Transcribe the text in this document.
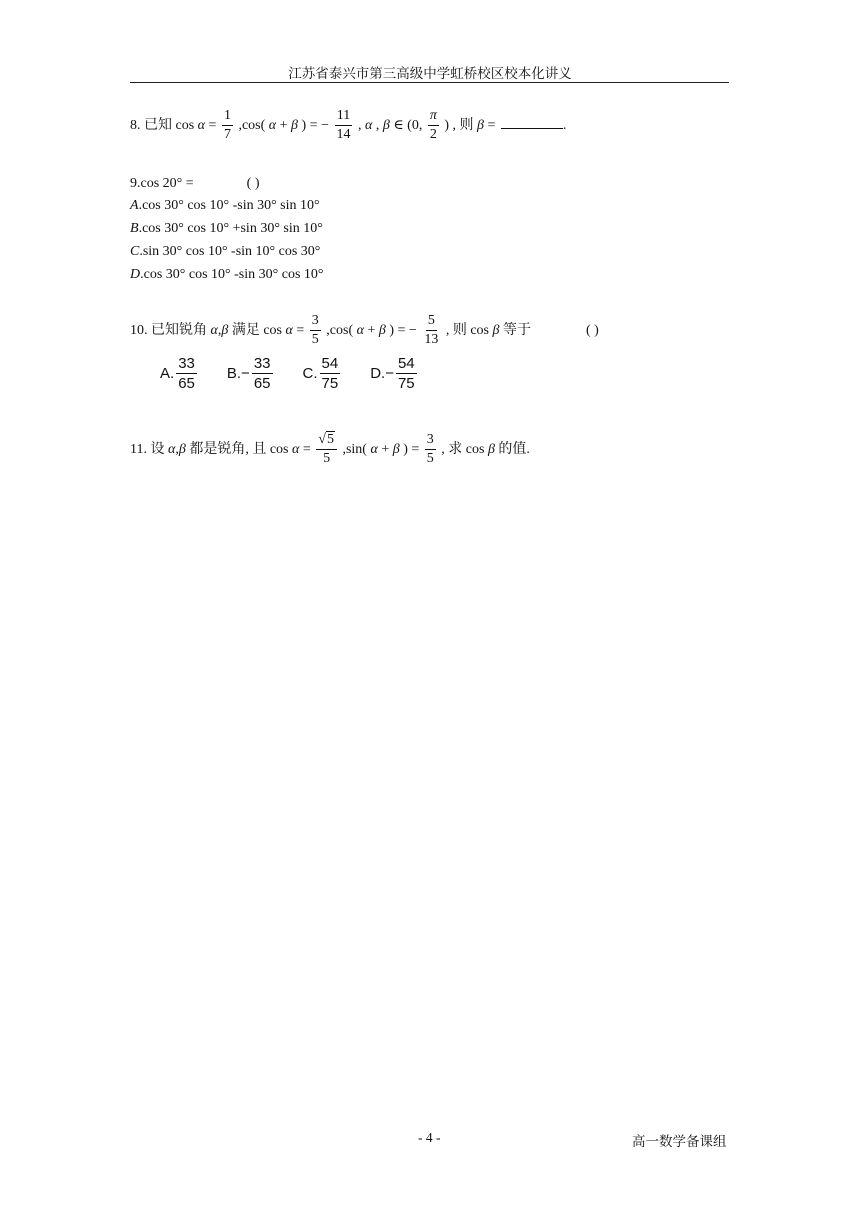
江苏省泰兴市第三高级中学虹桥校区校本化讲义
8. 已知 $\cos \alpha = \frac{1}{7} ,\cos$( α + β ) = − $\frac{11}{14}$ , α , β ∈ (0, $\frac{\pi}{2}$ ) , 则 β =	.
9.cos 20° =	( )
A.cos 30° cos 10° -sin 30° sin 10°
B.cos 30° cos 10° +sin 30° sin 10°
C.sin 30° cos 10° -sin 10° cos 30°
D.cos 30° cos 10° -sin 30° cos 10°
10. 已知锐角 α,β 满足 $\cos \alpha = \frac{3}{5} ,\cos$( α + β ) = − $\frac{5}{13}$ , 则 cos β 等于	( )
A. $\frac{33}{65} B.- \frac{33}{65} C$. $\frac{54}{75} D.- \frac{54}{75}$
11. 设 α,β 都是锐角, 且 $\cos \alpha = \frac{√5}{5} ,\sin$( α + β ) = $\frac{3}{5}$ , 求 cos β 的值.
- 4 -	高一数学备课组
